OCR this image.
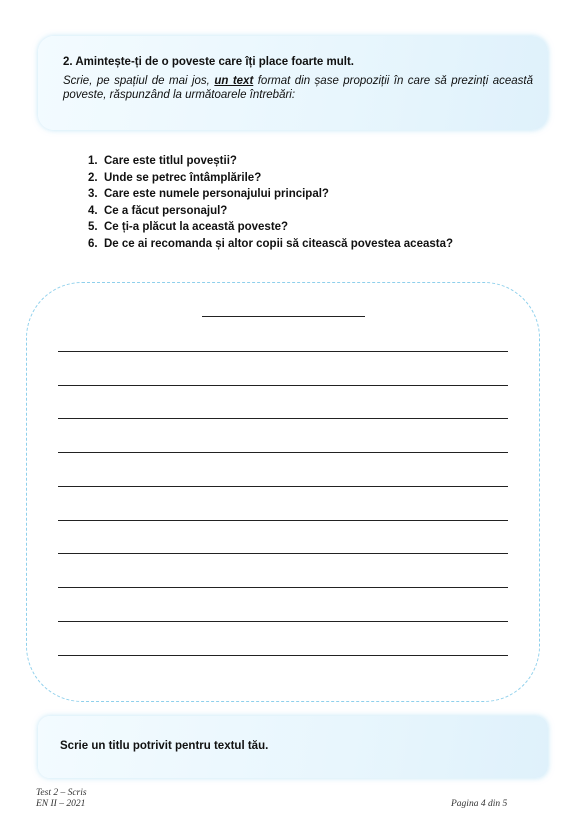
2. Amintește-ți de o poveste care îți place foarte mult.
Scrie, pe spațiul de mai jos, un text format din șase propoziții în care să prezinți această poveste, răspunzând la următoarele întrebări:
1. Care este titlul poveștii?
2. Unde se petrec întâmplările?
3. Care este numele personajului principal?
4. Ce a făcut personajul?
5. Ce ți-a plăcut la această poveste?
6. De ce ai recomanda și altor copii să citească povestea aceasta?
Scrie un titlu potrivit pentru textul tău.
Test 2 – Scris
EN II – 2021	Pagina 4 din 5
